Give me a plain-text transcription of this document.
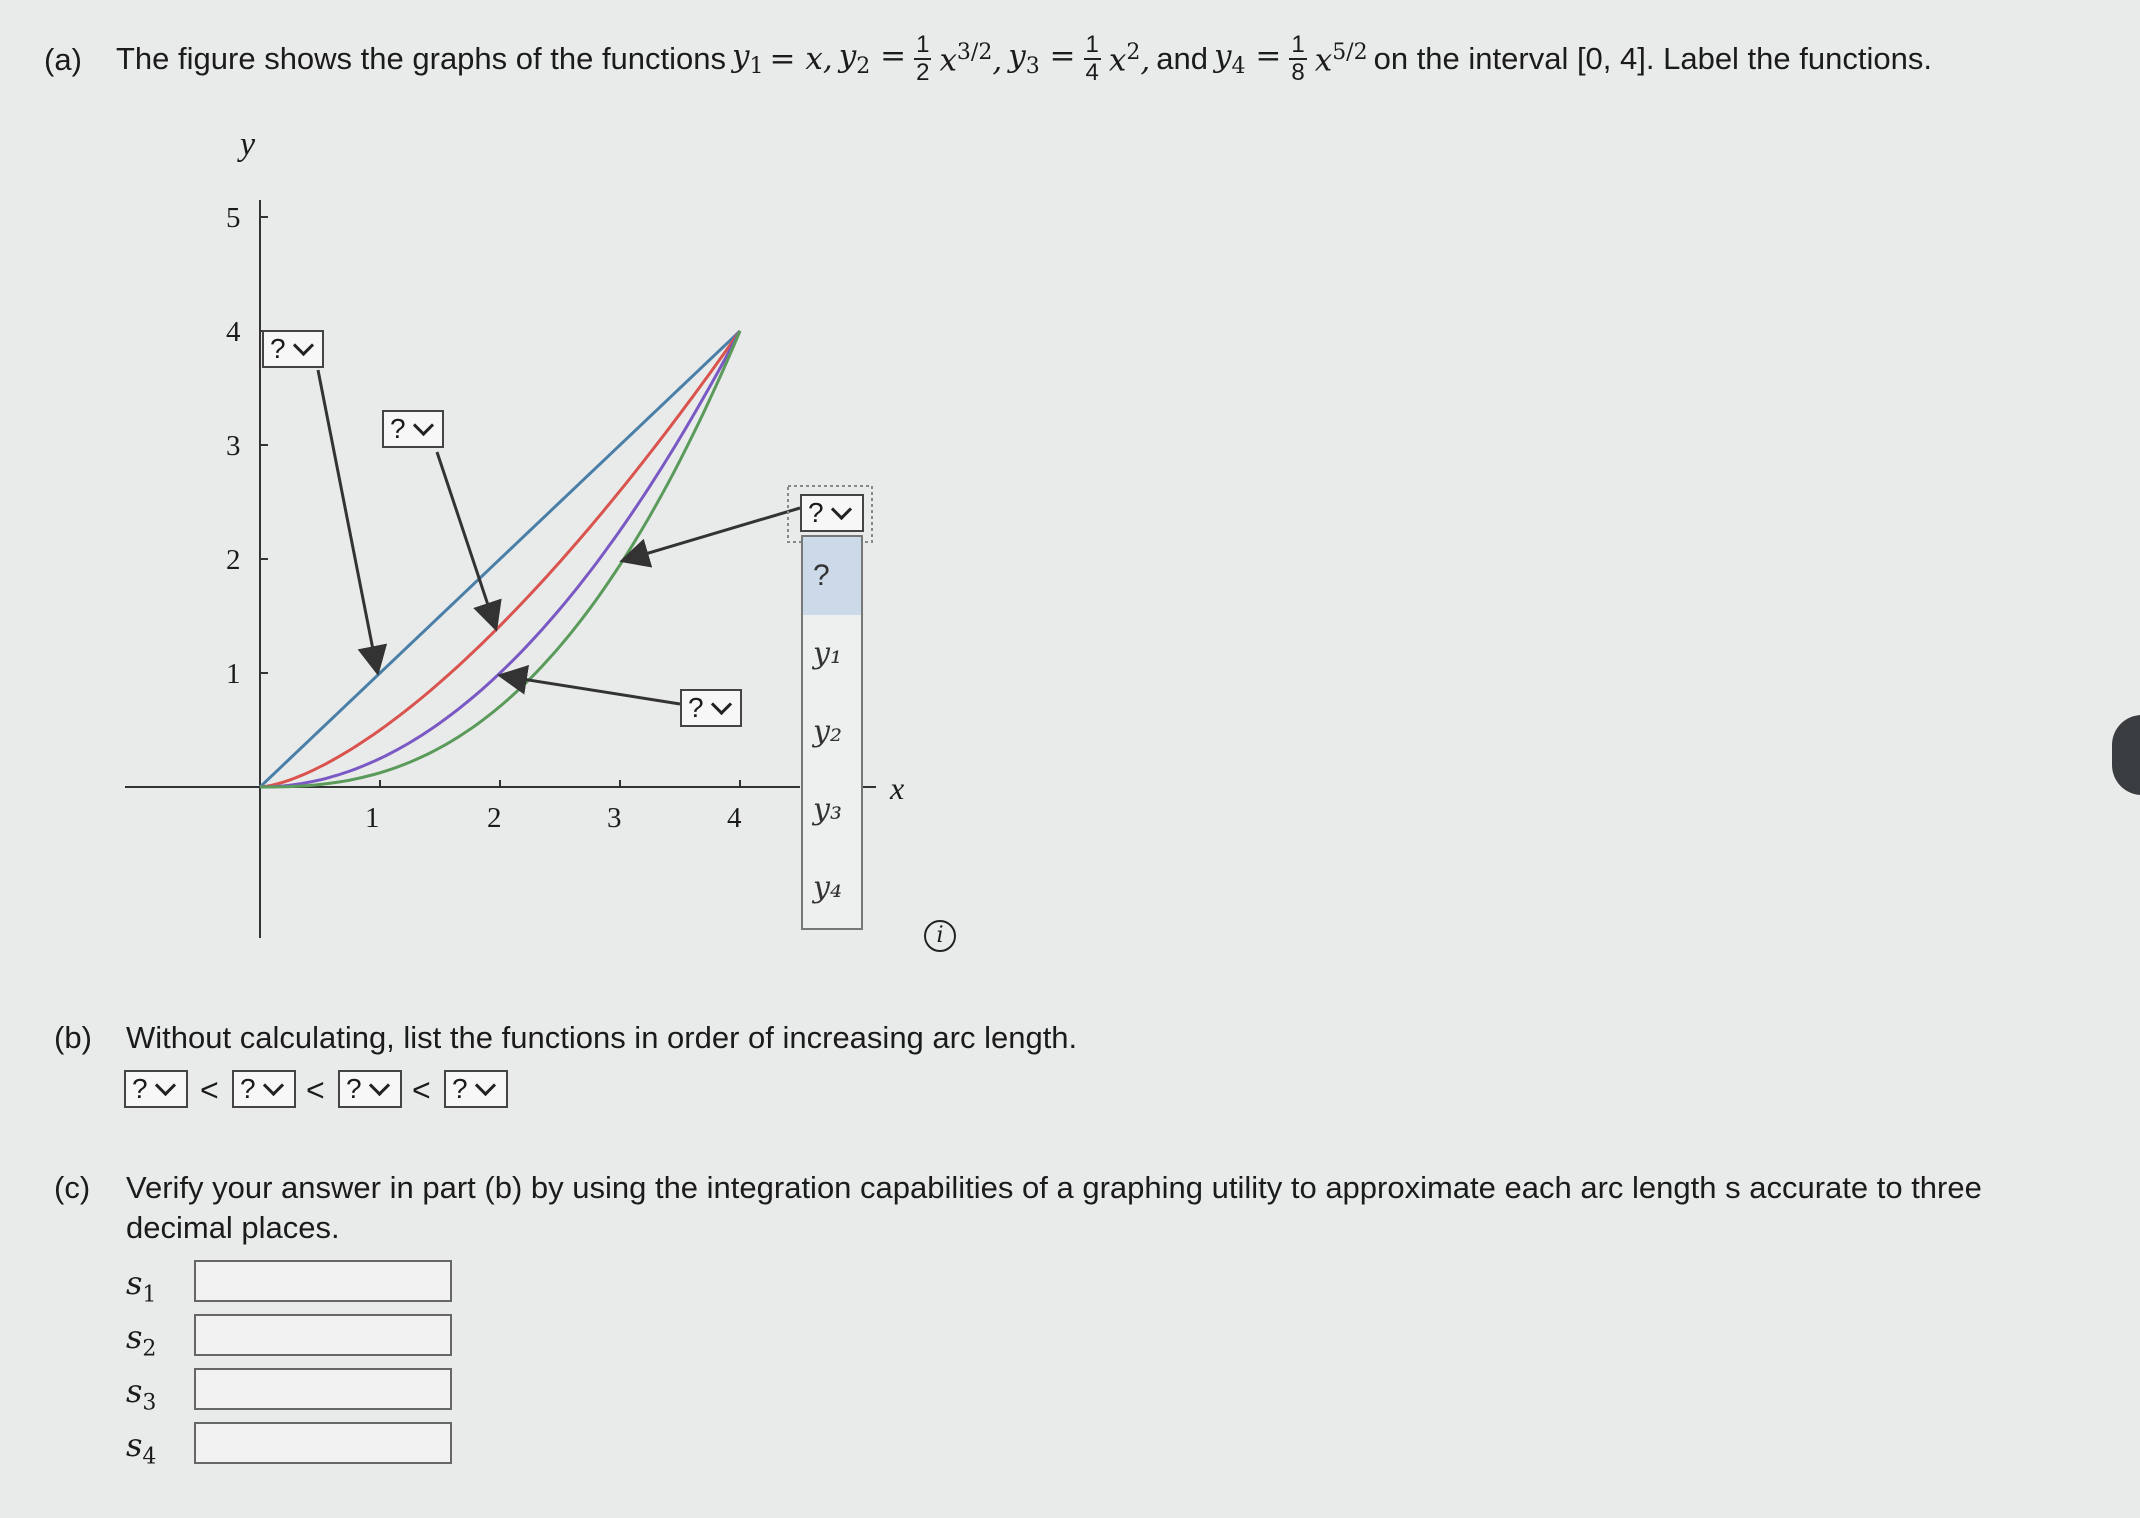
(a) The figure shows the graphs of the functions $y_1 = x$, $y_2 = \frac{1}{2} x^{3/2}$, $y_3 = \frac{1}{4} x^2$, and $y_4 = \frac{1}{8} x^{5/2}$ on the interval [0, 4]. Label the functions.
y
x
1	2	3	4
1
2
3
4
5
?
?
?
?
?
y₁
y₂
y₃
y₄
i
(b) Without calculating, list the functions in order of increasing arc length.
? < ? < ? < ?
(c) Verify your answer in part (b) by using the integration capabilities of a graphing utility to approximate each arc length s accurate to three
decimal places.
$s_1$
$s_2$
$s_3$
$s_4$
